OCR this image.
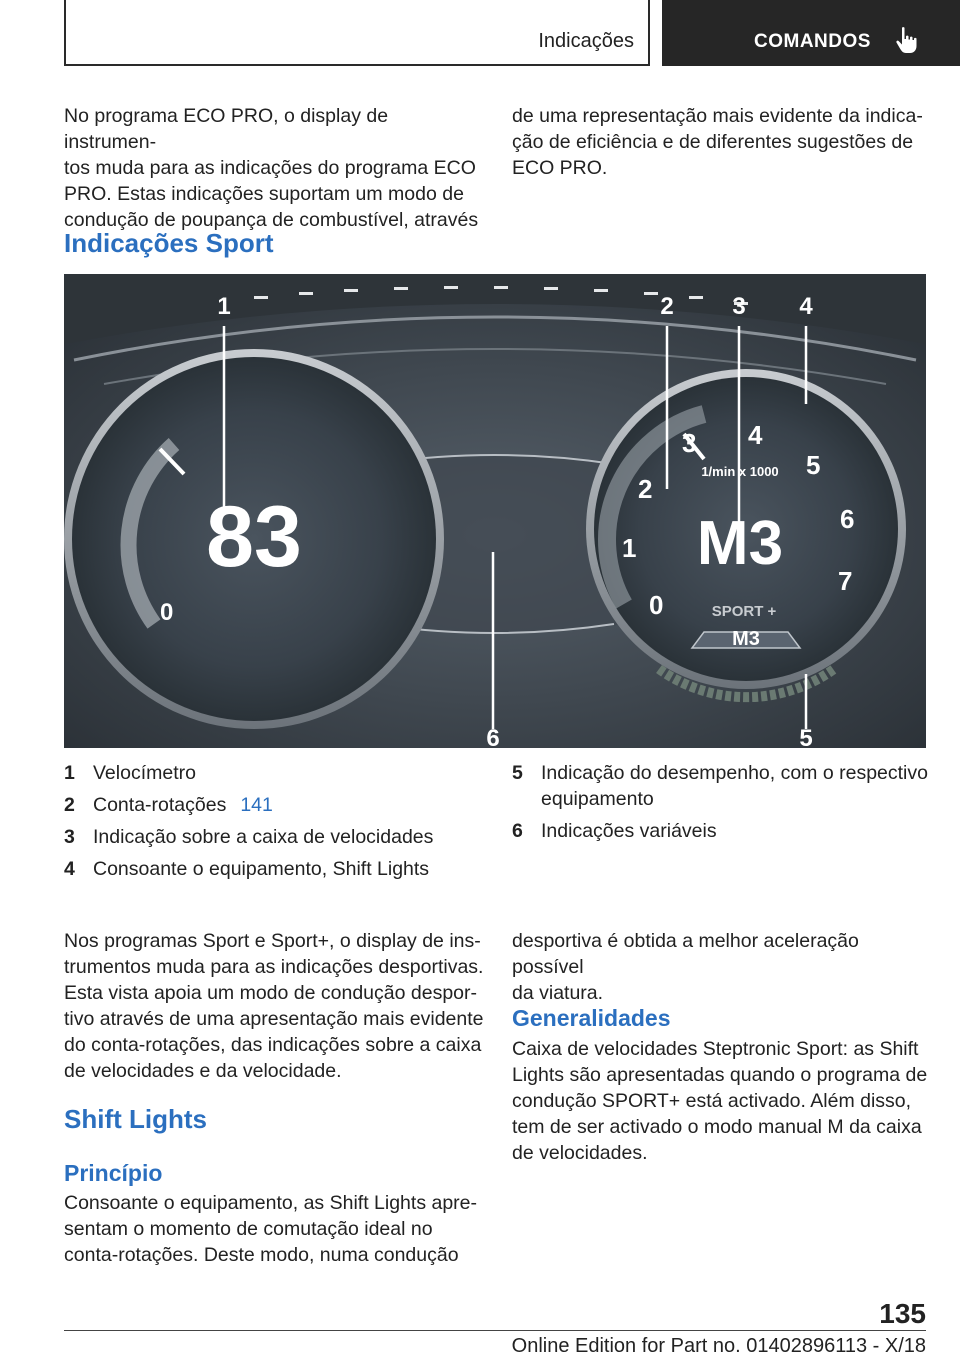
Indicações	COMANDOS

No programa ECO PRO, o display de instrumen-

tos muda para as indicações do programa ECO

PRO. Estas indicações suportam um modo de

condução de poupança de combustível, através

de uma representação mais evidente da indica-

ção de eficiência e de diferentes sugestões de

ECO PRO.

Indicações Sport
83
0
M3
1/min x 1000
SPORT +
M3
0
1
2
3 4
5
6
7
1	2 3 4
5
6
1 Velocímetro
2 Conta-rotações 141
3 Indicação sobre a caixa de velocidades
4 Consoante o equipamento, Shift Lights
5 Indicação do desempenho, com o respectivo
equipamento
6 Indicações variáveis

Nos programas Sport e Sport+, o display de ins-

trumentos muda para as indicações desportivas.

Esta vista apoia um modo de condução despor-

tivo através de uma apresentação mais evidente

do conta-rotações, das indicações sobre a caixa

de velocidades e da velocidade.

Shift Lights
Princípio

Consoante o equipamento, as Shift Lights apre-

sentam o momento de comutação ideal no

conta-rotações. Deste modo, numa condução

desportiva é obtida a melhor aceleração possível

da viatura.

Generalidades

Caixa de velocidades Steptronic Sport: as Shift

Lights são apresentadas quando o programa de

condução SPORT+ está activado. Além disso,

tem de ser activado o modo manual M da caixa

de velocidades.

135
Online Edition for Part no. 01402896113 - X/18
